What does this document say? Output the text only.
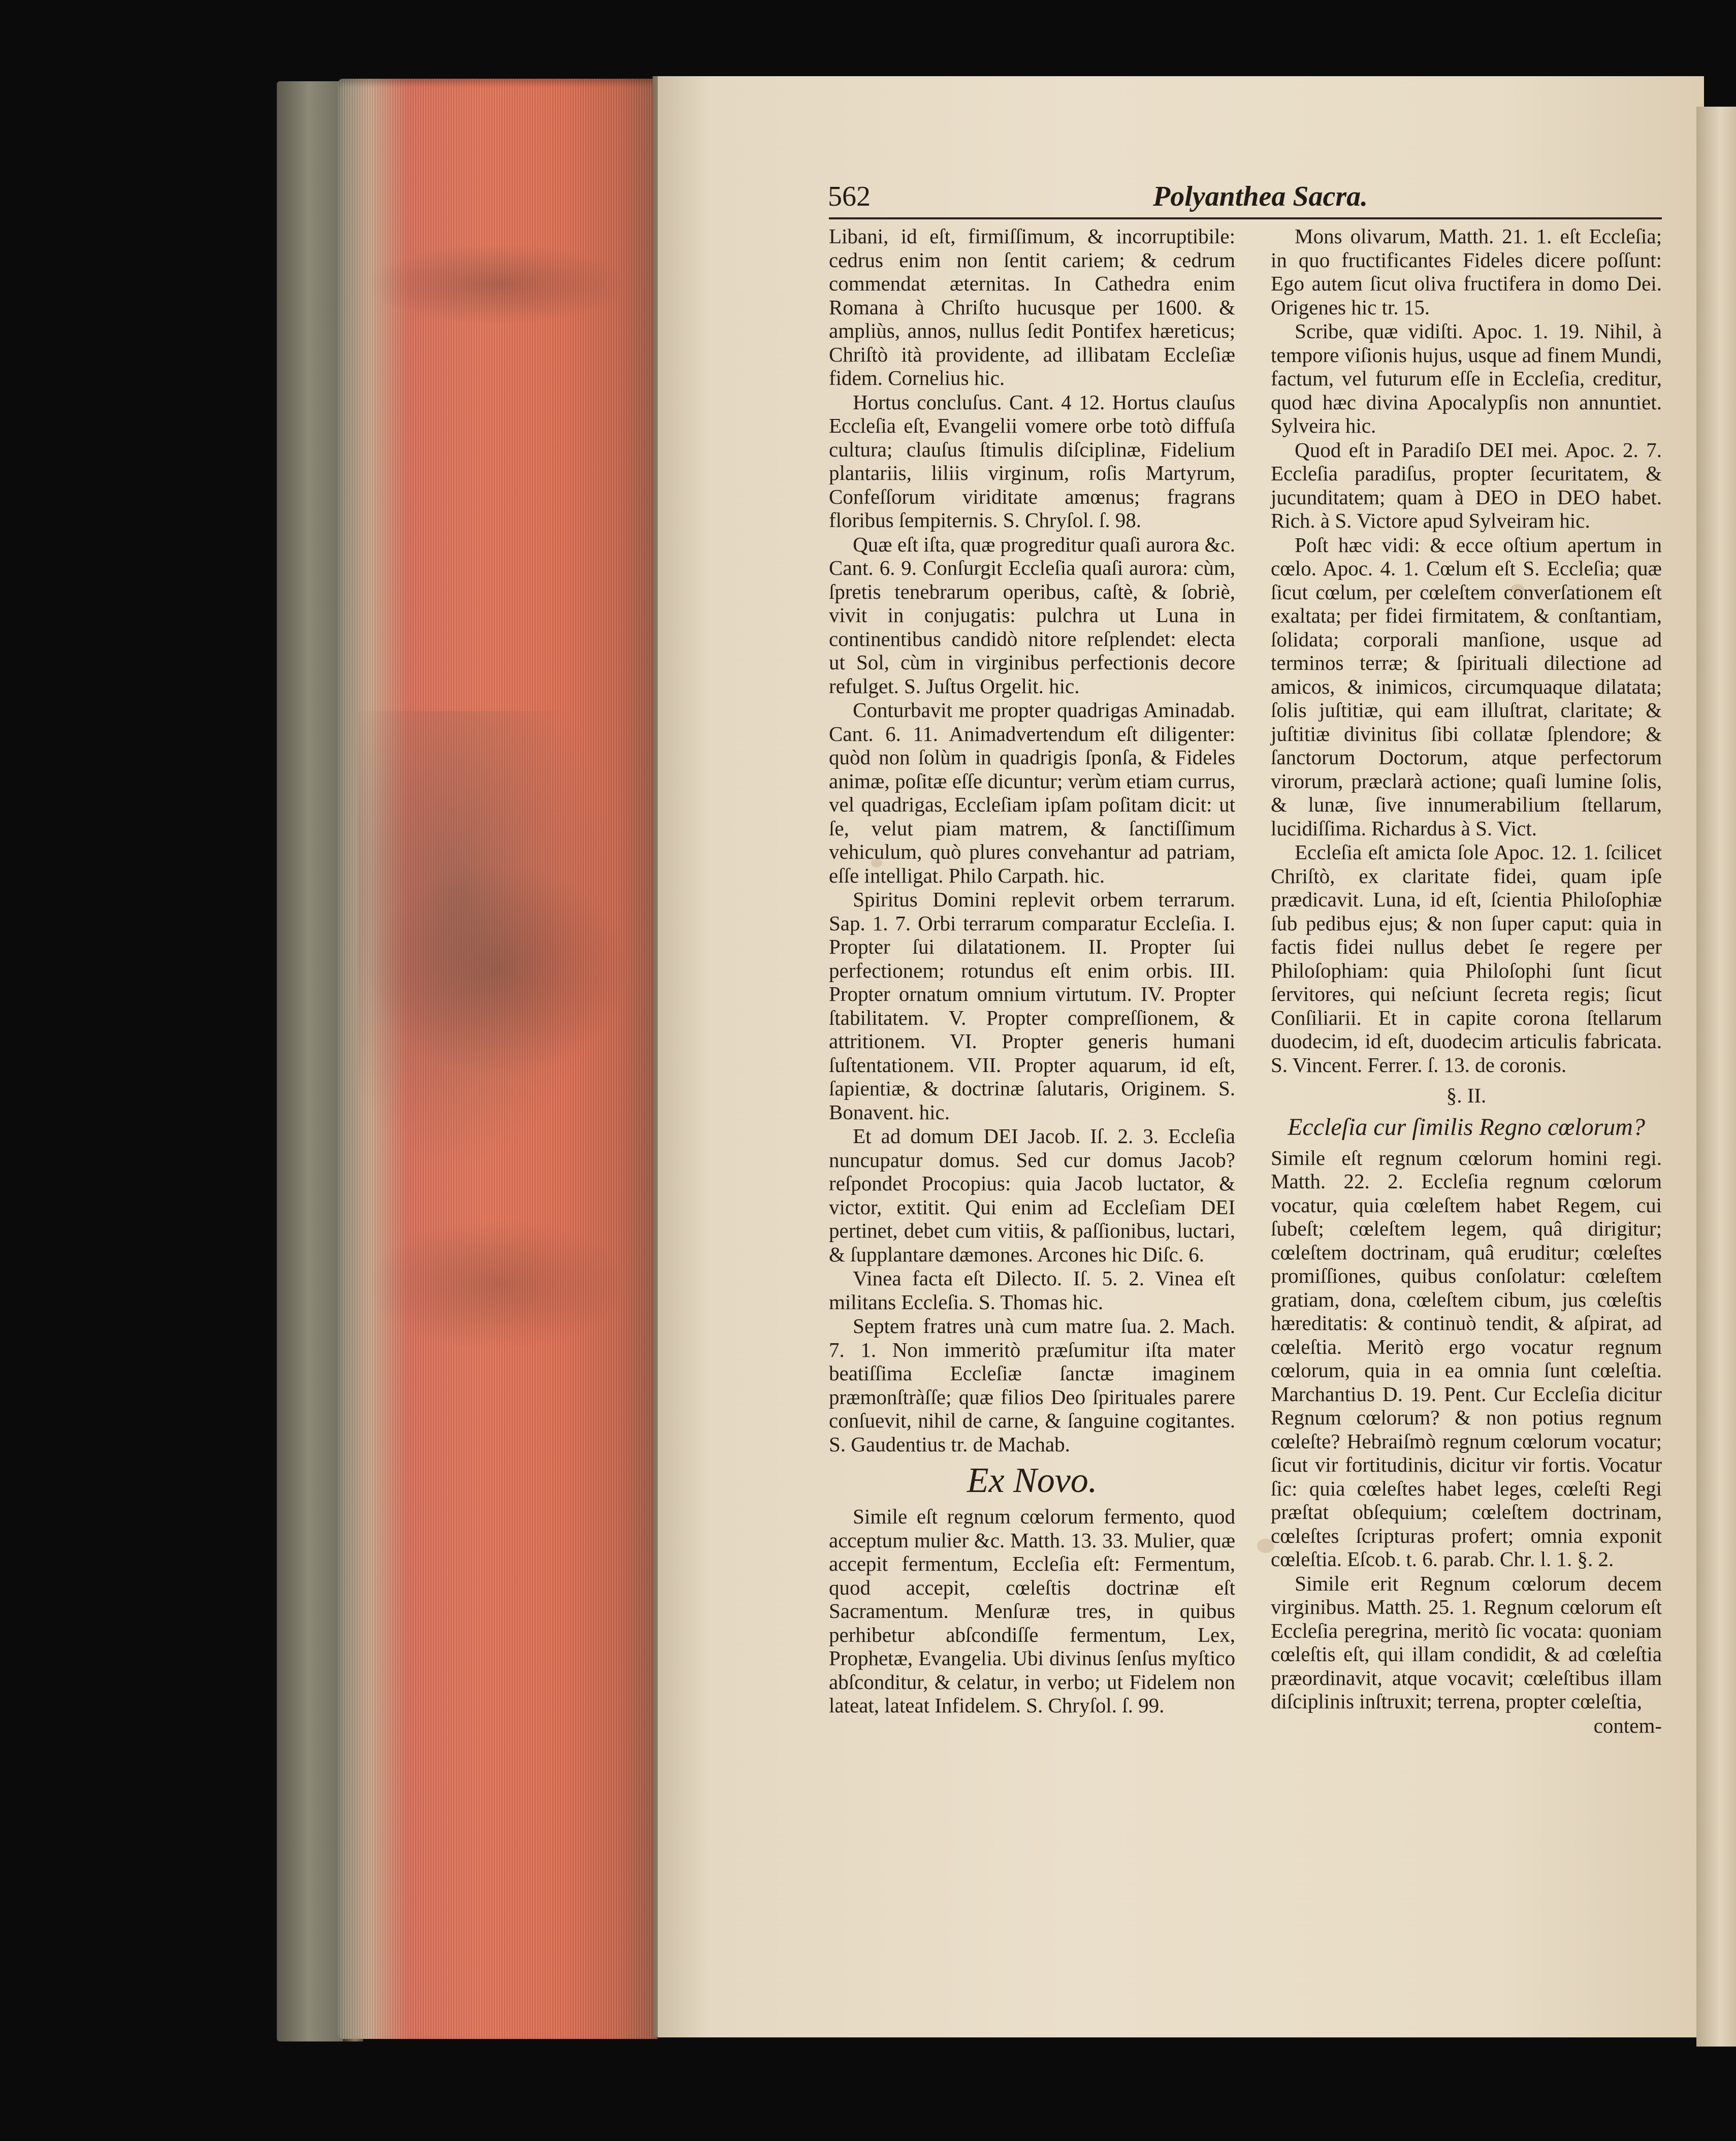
562	Polyanthea Sacra.

Libani, id eſt, firmiſſimum, & incorruptibile: cedrus enim non ſentit cariem; & cedrum commendat æternitas. In Cathedra enim Romana à Chriſto hucusque per 1600. & ampliùs, annos, nullus ſedit Pontifex hæreticus; Chriſtò ità providente, ad illibatam Eccleſiæ fidem. Cornelius hic.

Hortus concluſus. Cant. 4 12. Hortus clauſus Eccleſia eſt, Evangelii vomere orbe totò diffuſa cultura; clauſus ſtimulis diſciplinæ, Fidelium plantariis, liliis virginum, roſis Martyrum, Confeſſorum viriditate amœnus; fragrans floribus ſempiternis. S. Chryſol. ſ. 98.

Quæ eſt iſta, quæ progreditur quaſi aurora &c. Cant. 6. 9. Conſurgit Eccleſia quaſi aurora: cùm, ſpretis tenebrarum operibus, caſtè, & ſobriè, vivit in conjugatis: pulchra ut Luna in continentibus candidò nitore reſplendet: electa ut Sol, cùm in virginibus perfectionis decore refulget. S. Juſtus Orgelit. hic.

Conturbavit me propter quadrigas Aminadab. Cant. 6. 11. Animadvertendum eſt diligenter: quòd non ſolùm in quadrigis ſponſa, & Fideles animæ, poſitæ eſſe dicuntur; verùm etiam currus, vel quadrigas, Eccleſiam ipſam poſitam dicit: ut ſe, velut piam matrem, & ſanctiſſimum vehiculum, quò plures convehantur ad patriam, eſſe intelligat. Philo Carpath. hic.

Spiritus Domini replevit orbem terrarum. Sap. 1. 7. Orbi terrarum comparatur Eccleſia. I. Propter ſui dilatationem. II. Propter ſui perfectionem; rotundus eſt enim orbis. III. Propter ornatum omnium virtutum. IV. Propter ſtabilitatem. V. Propter compreſſionem, & attritionem. VI. Propter generis humani ſuſtentationem. VII. Propter aquarum, id eſt, ſapientiæ, & doctrinæ ſalutaris, Originem. S. Bonavent. hic.

Et ad domum DEI Jacob. Iſ. 2. 3. Eccleſia nuncupatur domus. Sed cur domus Jacob? reſpondet Procopius: quia Jacob luctator, & victor, extitit. Qui enim ad Eccleſiam DEI pertinet, debet cum vitiis, & paſſionibus, luctari, & ſupplantare dæmones. Arcones hic Diſc. 6.

Vinea facta eſt Dilecto. Iſ. 5. 2. Vinea eſt militans Eccleſia. S. Thomas hic.

Septem fratres unà cum matre ſua. 2. Mach. 7. 1. Non immeritò præſumitur iſta mater beatiſſima Eccleſiæ ſanctæ imaginem præmonſtràſſe; quæ filios Deo ſpirituales parere conſuevit, nihil de carne, & ſanguine cogitantes. S. Gaudentius tr. de Machab.

Ex Novo.

Simile eſt regnum cœlorum fermento, quod acceptum mulier &c. Matth. 13. 33. Mulier, quæ accepit fermentum, Eccleſia eſt: Fermentum, quod accepit, cœleſtis doctrinæ eſt Sacramentum. Menſuræ tres, in quibus perhibetur abſcondiſſe fermentum, Lex, Prophetæ, Evangelia. Ubi divinus ſenſus myſtico abſconditur, & celatur, in verbo; ut Fidelem non lateat, lateat Infidelem. S. Chryſol. ſ. 99.

Mons olivarum, Matth. 21. 1. eſt Eccleſia; in quo fructificantes Fideles dicere poſſunt: Ego autem ſicut oliva fructifera in domo Dei. Origenes hic tr. 15.

Scribe, quæ vidiſti. Apoc. 1. 19. Nihil, à tempore viſionis hujus, usque ad finem Mundi, factum, vel futurum eſſe in Eccleſia, creditur, quod hæc divina Apocalypſis non annuntiet. Sylveira hic.

Quod eſt in Paradiſo DEI mei. Apoc. 2. 7. Eccleſia paradiſus, propter ſecuritatem, & jucunditatem; quam à DEO in DEO habet. Rich. à S. Victore apud Sylveiram hic.

Poſt hæc vidi: & ecce oſtium apertum in cœlo. Apoc. 4. 1. Cœlum eſt S. Eccleſia; quæ ſicut cœlum, per cœleſtem converſationem eſt exaltata; per fidei firmitatem, & conſtantiam, ſolidata; corporali manſione, usque ad terminos terræ; & ſpirituali dilectione ad amicos, & inimicos, circumquaque dilatata; ſolis juſtitiæ, qui eam illuſtrat, claritate; & juſtitiæ divinitus ſibi collatæ ſplendore; & ſanctorum Doctorum, atque perfectorum virorum, præclarà actione; quaſi lumine ſolis, & lunæ, ſive innumerabilium ſtellarum, lucidiſſima. Richardus à S. Vict.

Eccleſia eſt amicta ſole Apoc. 12. 1. ſcilicet Chriſtò, ex claritate fidei, quam ipſe prædicavit. Luna, id eſt, ſcientia Philoſophiæ ſub pedibus ejus; & non ſuper caput: quia in factis fidei nullus debet ſe regere per Philoſophiam: quia Philoſophi ſunt ſicut ſervitores, qui neſciunt ſecreta regis; ſicut Conſiliarii. Et in capite corona ſtellarum duodecim, id eſt, duodecim articulis fabricata. S. Vincent. Ferrer. ſ. 13. de coronis.

§. II.

Eccleſia cur ſimilis Regno cœlorum?

Simile eſt regnum cœlorum homini regi. Matth. 22. 2. Eccleſia regnum cœlorum vocatur, quia cœleſtem habet Regem, cui ſubeſt; cœleſtem legem, quâ dirigitur; cœleſtem doctrinam, quâ eruditur; cœleſtes promiſſiones, quibus conſolatur: cœleſtem gratiam, dona, cœleſtem cibum, jus cœleſtis hæreditatis: & continuò tendit, & aſpirat, ad cœleſtia. Meritò ergo vocatur regnum cœlorum, quia in ea omnia ſunt cœleſtia. Marchantius D. 19. Pent. Cur Eccleſia dicitur Regnum cœlorum? & non potius regnum cœleſte? Hebraiſmò regnum cœlorum vocatur; ſicut vir fortitudinis, dicitur vir fortis. Vocatur ſic: quia cœleſtes habet leges, cœleſti Regi præſtat obſequium; cœleſtem doctrinam, cœleſtes ſcripturas profert; omnia exponit cœleſtia. Eſcob. t. 6. parab. Chr. l. 1. §. 2.

Simile erit Regnum cœlorum decem virginibus. Matth. 25. 1. Regnum cœlorum eſt Eccleſia peregrina, meritò ſic vocata: quoniam cœleſtis eſt, qui illam condidit, & ad cœleſtia præordinavit, atque vocavit; cœleſtibus illam diſciplinis inſtruxit; terrena, propter cœleſtia,

contem-
